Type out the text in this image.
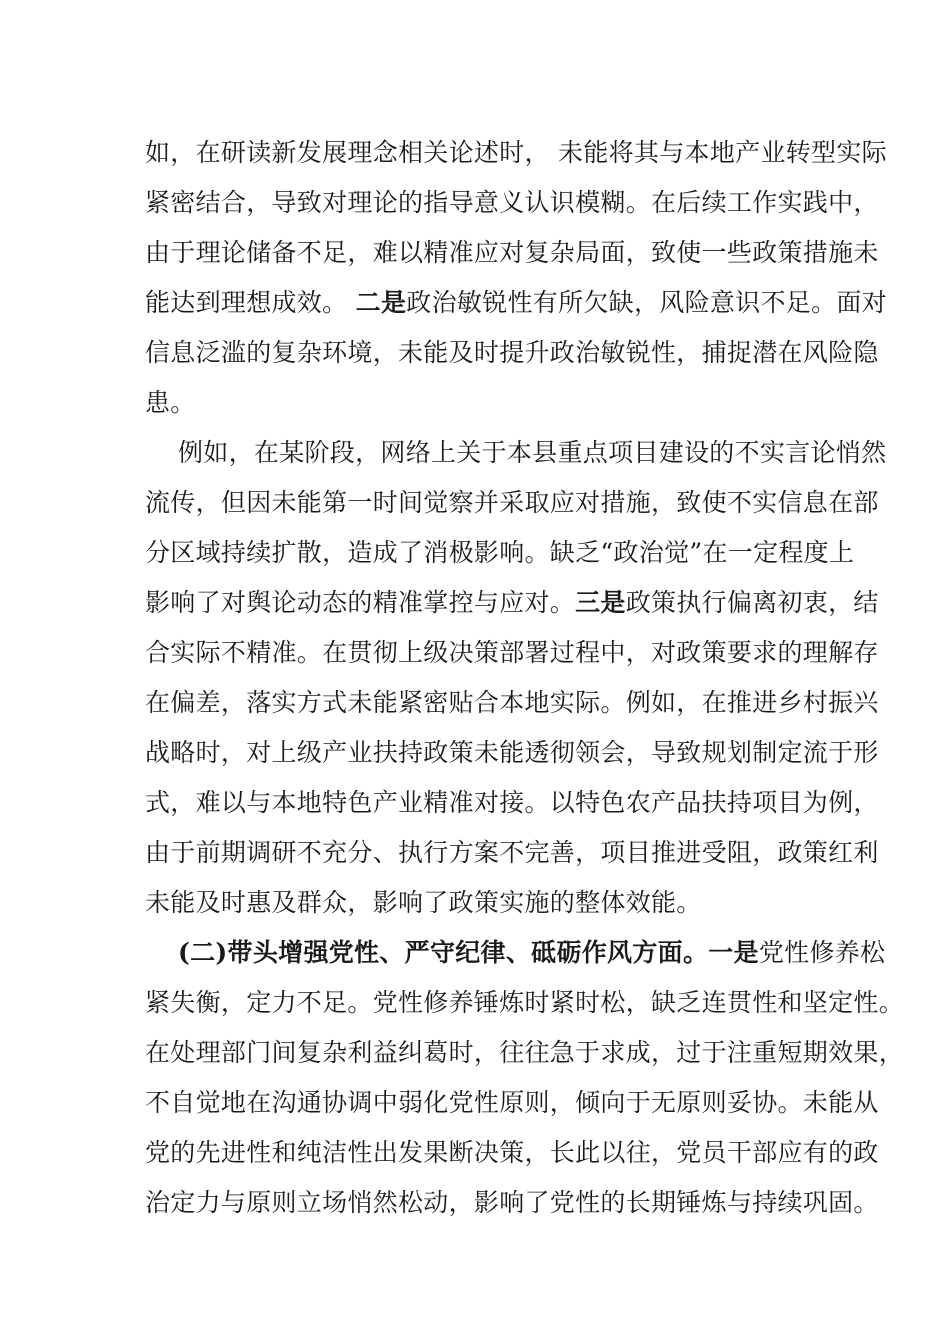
如，在研读新发展理念相关论述时， 未能将其与本地产业转型实际
紧密结合，导致对理论的指导意义认识模糊。在后续工作实践中，
由于理论储备不足，难以精准应对复杂局面，致使一些政策措施未
能达到理想成效。 二是政治敏锐性有所欠缺，风险意识不足。面对
信息泛滥的复杂环境，未能及时提升政治敏锐性，捕捉潜在风险隐
患。
例如，在某阶段，网络上关于本县重点项目建设的不实言论悄然
流传，但因未能第一时间觉察并采取应对措施，致使不实信息在部
分区域持续扩散，造成了消极影响。缺乏“政治觉”在一定程度上
影响了对舆论动态的精准掌控与应对。三是政策执行偏离初衷，结
合实际不精准。在贯彻上级决策部署过程中，对政策要求的理解存
在偏差，落实方式未能紧密贴合本地实际。例如，在推进乡村振兴
战略时，对上级产业扶持政策未能透彻领会，导致规划制定流于形
式，难以与本地特色产业精准对接。以特色农产品扶持项目为例，
由于前期调研不充分、执行方案不完善，项目推进受阻，政策红利
未能及时惠及群众，影响了政策实施的整体效能。
(二)带头增强党性、严守纪律、砥砺作风方面。一是党性修养松
紧失衡，定力不足。党性修养锤炼时紧时松，缺乏连贯性和坚定性。
在处理部门间复杂利益纠葛时，往往急于求成，过于注重短期效果，
不自觉地在沟通协调中弱化党性原则，倾向于无原则妥协。未能从
党的先进性和纯洁性出发果断决策，长此以往，党员干部应有的政
治定力与原则立场悄然松动，影响了党性的长期锤炼与持续巩固。
